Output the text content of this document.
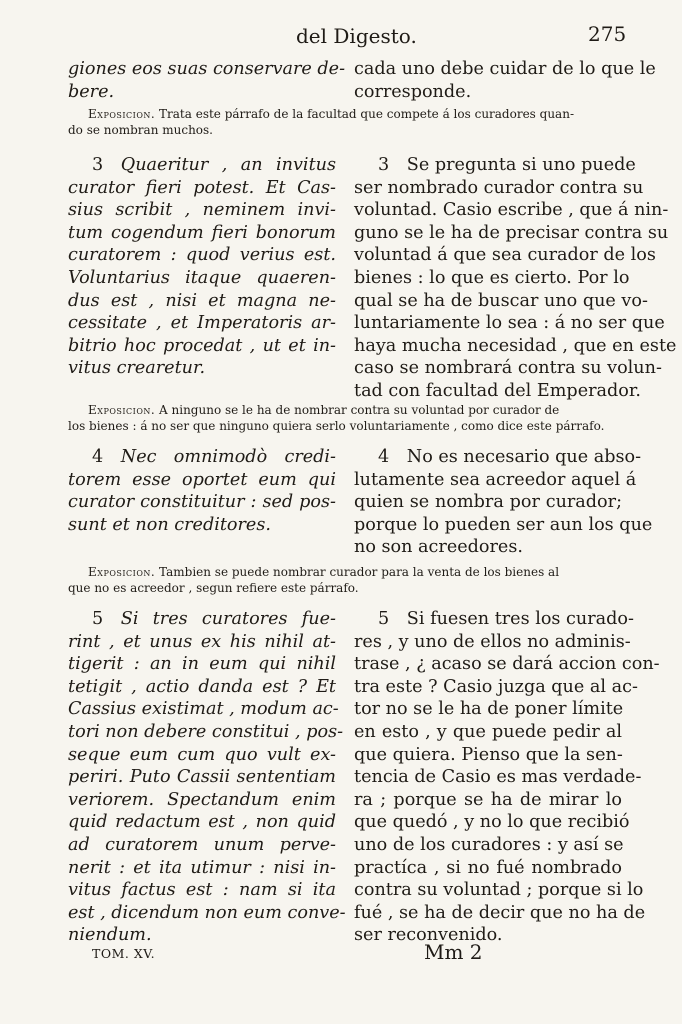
del Digesto.	275
giones eos suas conservare de-
bere.
cada uno debe cuidar de lo que le
corresponde.
Exposicion. Trata este párrafo de la facultad que compete á los curadores quan-
do se nombran muchos.
3  Quaeritur , an invitus
curator fieri potest. Et Cas-
sius scribit , neminem invi-
tum cogendum fieri bonorum
curatorem : quod verius est.
Voluntarius itaque quaeren-
dus est , nisi et magna ne-
cessitate , et Imperatoris ar-
bitrio hoc procedat , ut et in-
vitus crearetur.
3  Se pregunta si uno puede
ser nombrado curador contra su
voluntad. Casio escribe , que á nin-
guno se le ha de precisar contra su
voluntad á que sea curador de los
bienes : lo que es cierto. Por lo
qual se ha de buscar uno que vo-
luntariamente lo sea : á no ser que
haya mucha necesidad , que en este
caso se nombrará contra su volun-
tad con facultad del Emperador.
Exposicion. A ninguno se le ha de nombrar contra su voluntad por curador de
los bienes : á no ser que ninguno quiera serlo voluntariamente , como dice este párrafo.
4  Nec omnimodò credi-
torem esse oportet eum qui
curator constituitur : sed pos-
sunt et non creditores.
4  No es necesario que abso-
lutamente sea acreedor aquel á
quien se nombra por curador;
porque lo pueden ser aun los que
no son acreedores.
Exposicion. Tambien se puede nombrar curador para la venta de los bienes al
que no es acreedor , segun refiere este párrafo.
5  Si tres curatores fue-
rint , et unus ex his nihil at-
tigerit : an in eum qui nihil
tetigit , actio danda est ? Et
Cassius existimat , modum ac-
tori non debere constitui , pos-
seque eum cum quo vult ex-
periri. Puto Cassii sententiam
veriorem. Spectandum enim
quid redactum est , non quid
ad curatorem unum perve-
nerit : et ita utimur : nisi in-
vitus factus est : nam si ita
est , dicendum non eum conve-
niendum.
5  Si fuesen tres los curado-
res , y uno de ellos no adminis-
trase , ¿ acaso se dará accion con-
tra este ? Casio juzga que al ac-
tor no se le ha de poner límite
en esto , y que puede pedir al
que quiera. Pienso que la sen-
tencia de Casio es mas verdade-
ra ; porque se ha de mirar lo
que quedó , y no lo que recibió
uno de los curadores : y así se
practíca , si no fué nombrado
contra su voluntad ; porque si lo
fué , se ha de decir que no ha de
ser reconvenido.
TOM. XV.	Mm 2
